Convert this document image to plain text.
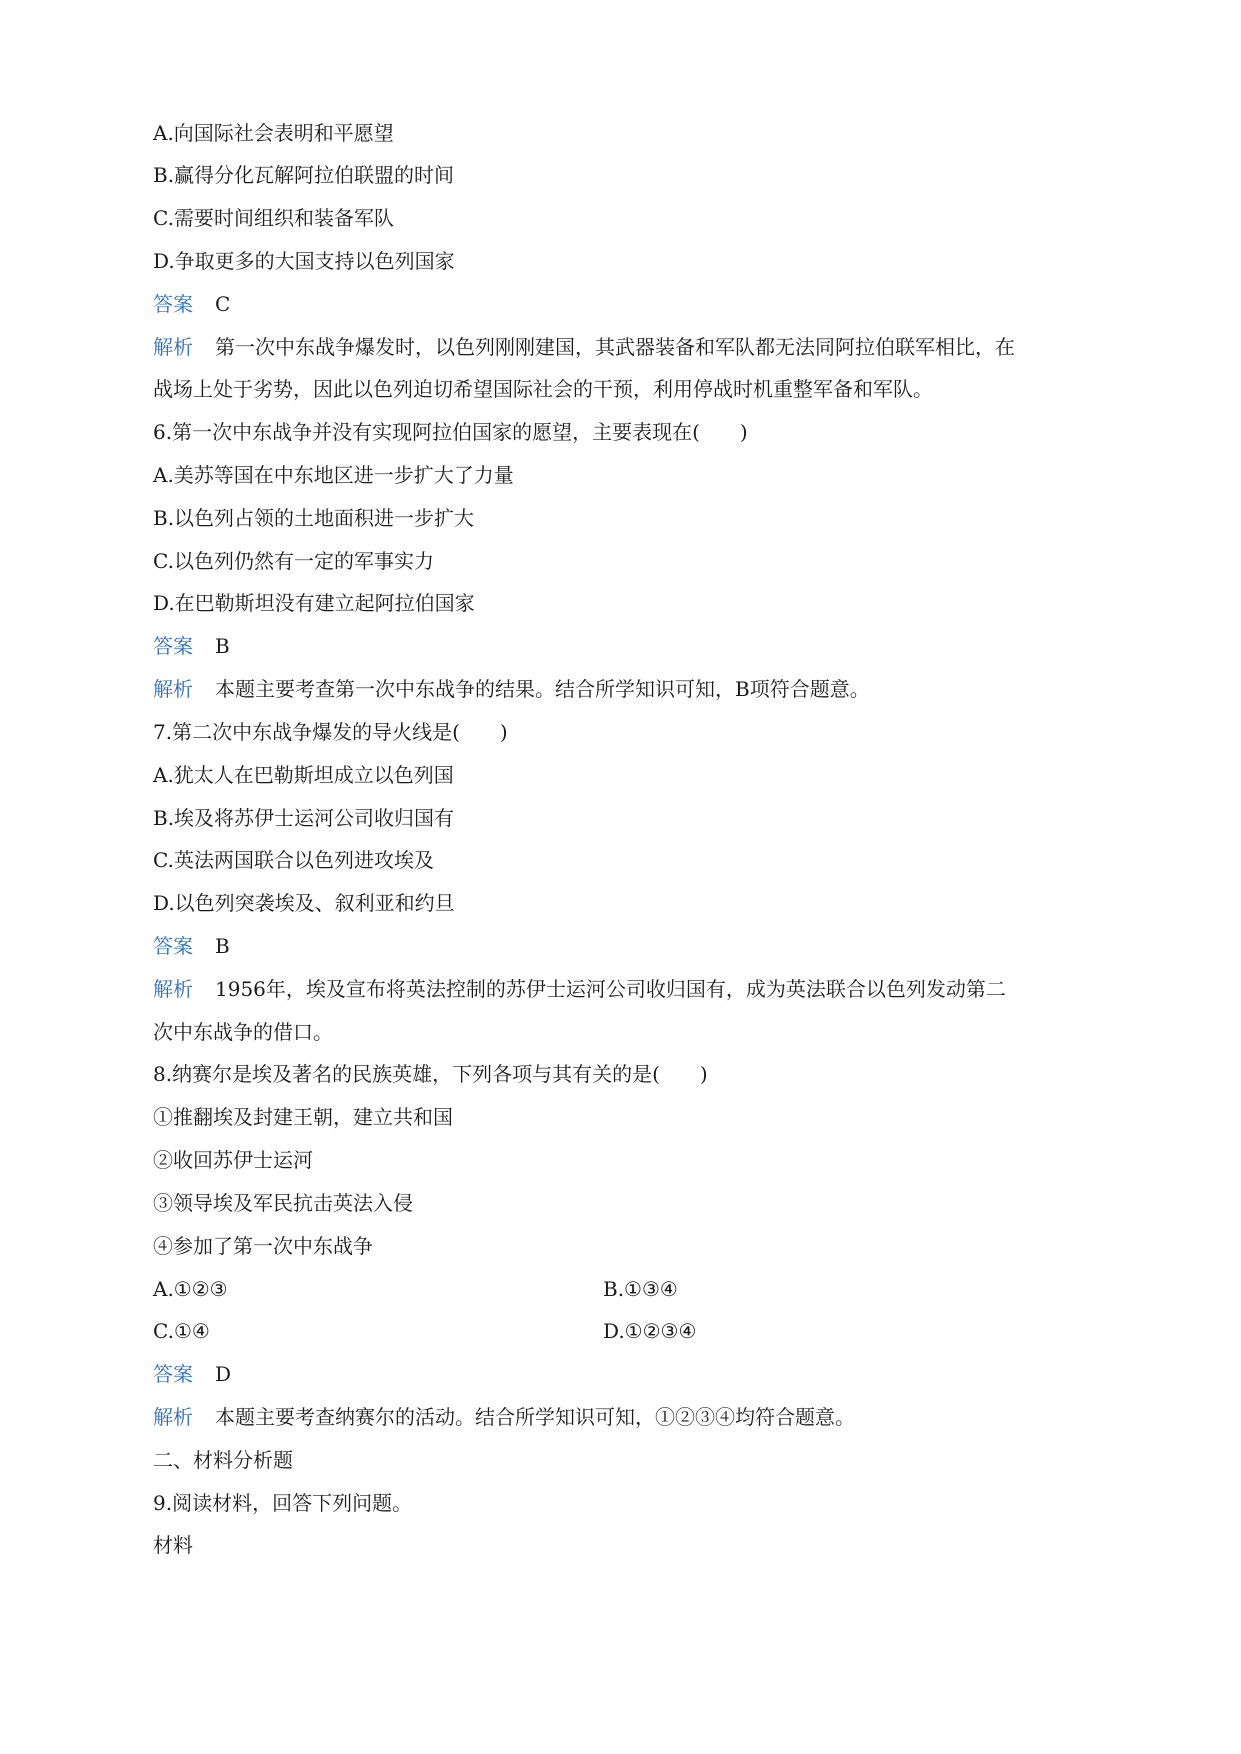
A.向国际社会表明和平愿望
B.赢得分化瓦解阿拉伯联盟的时间
C.需要时间组织和装备军队
D.争取更多的大国支持以色列国家
答案 C
解析 第一次中东战争爆发时，以色列刚刚建国，其武器装备和军队都无法同阿拉伯联军相比，在
战场上处于劣势，因此以色列迫切希望国际社会的干预，利用停战时机重整军备和军队。
6.第一次中东战争并没有实现阿拉伯国家的愿望，主要表现在(　　)
A.美苏等国在中东地区进一步扩大了力量
B.以色列占领的土地面积进一步扩大
C.以色列仍然有一定的军事实力
D.在巴勒斯坦没有建立起阿拉伯国家
答案 B
解析 本题主要考查第一次中东战争的结果。结合所学知识可知，B项符合题意。
7.第二次中东战争爆发的导火线是(　　)
A.犹太人在巴勒斯坦成立以色列国
B.埃及将苏伊士运河公司收归国有
C.英法两国联合以色列进攻埃及
D.以色列突袭埃及、叙利亚和约旦
答案 B
解析 1956年，埃及宣布将英法控制的苏伊士运河公司收归国有，成为英法联合以色列发动第二
次中东战争的借口。
8.纳赛尔是埃及著名的民族英雄，下列各项与其有关的是(　　)
①推翻埃及封建王朝，建立共和国
②收回苏伊士运河
③领导埃及军民抗击英法入侵
④参加了第一次中东战争
A.①②③	B.①③④
C.①④	D.①②③④
答案 D
解析 本题主要考查纳赛尔的活动。结合所学知识可知，①②③④均符合题意。
二、材料分析题
9.阅读材料，回答下列问题。
材料
